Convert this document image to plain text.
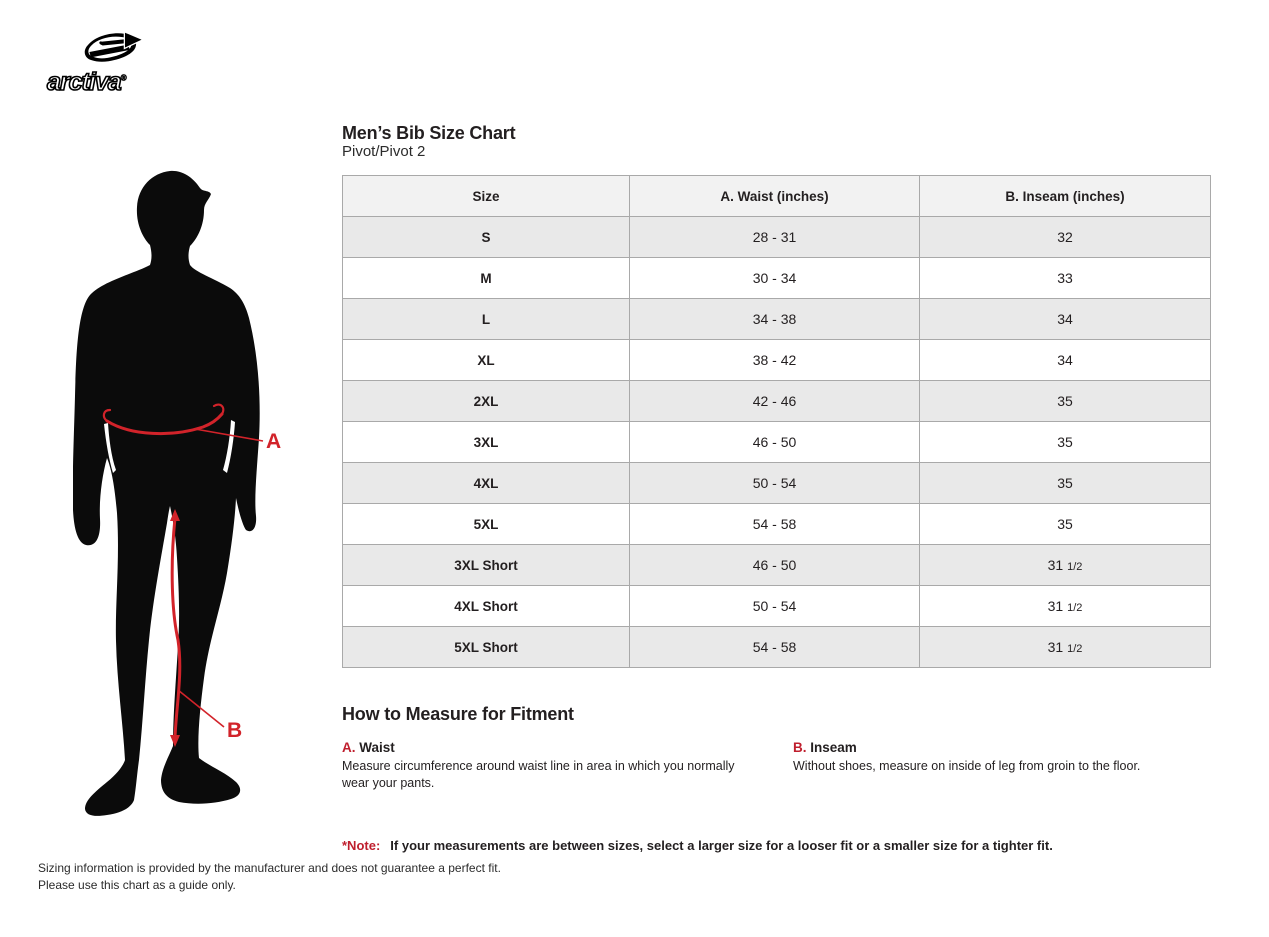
arctiva®
A
B
Men’s Bib Size Chart
Pivot/Pivot 2
Size	A. Waist (inches)	B. Inseam (inches)
S	28 - 31	32
M	30 - 34	33
L	34 - 38	34
XL	38 - 42	34
2XL	42 - 46	35
3XL	46 - 50	35
4XL	50 - 54	35
5XL	54 - 58	35
3XL Short	46 - 50	31 1/2
4XL Short	50 - 54	31 1/2
5XL Short	54 - 58	31 1/2
How to Measure for Fitment
A. Waist
Measure circumference around waist line in area in which you normally wear your pants.
B. Inseam
Without shoes, measure on inside of leg from groin to the floor.
*Note: If your measurements are between sizes, select a larger size for a looser fit or a smaller size for a tighter fit.
Sizing information is provided by the manufacturer and does not guarantee a perfect fit.
Please use this chart as a guide only.
